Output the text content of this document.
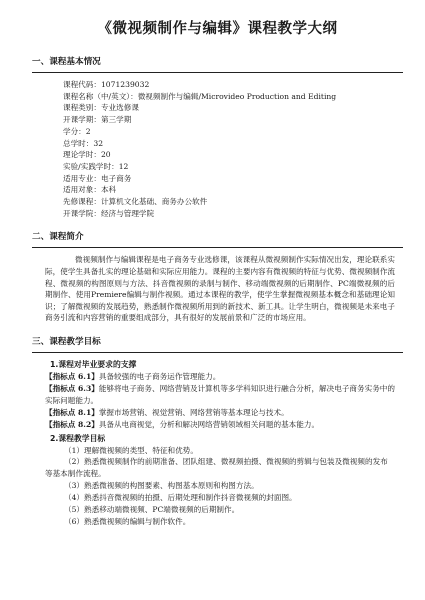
《微视频制作与编辑》课程教学大纲
一、课程基本情况
课程代码：1071239032
课程名称（中/英文）：微视频制作与编辑/Microvideo Production and Editing
课程类别：专业选修课
开课学期：第三学期
学分：2
总学时：32
理论学时：20
实验/实践学时：12
适用专业：电子商务
适用对象：本科
先修课程：计算机文化基础、商务办公软件
开课学院：经济与管理学院
二、课程简介
微视频制作与编辑课程是电子商务专业选修课，该课程从微视频制作实际情况出发，理论联系实际，使学生具备扎实的理论基础和实际应用能力。课程的主要内容有微视频的特征与优势、微视频制作流程、微视频的构图原则与方法、抖音微视频的录制与制作、移动端微视频的后期制作、PC端微视频的后期制作、使用Premiere编辑与制作视频。通过本课程的教学，使学生掌握微视频基本概念和基础理论知识；了解微视频的发展趋势，熟悉制作微视频所用到的新技术、新工具。让学生明白，微视频是未来电子商务引流和内容营销的重要组成部分，具有很好的发展前景和广泛的市场应用。
三、课程教学目标
1.课程对毕业要求的支撑
【指标点 6.1】具备较强的电子商务运作管理能力。
【指标点 6.3】能够将电子商务、网络营销及计算机等多学科知识进行融合分析，解决电子商务实务中的实际问题能力。
【指标点 8.1】掌握市场营销、视觉营销、网络营销等基本理论与技术。
【指标点 8.2】具备从电商视觉，分析和解决网络营销领域相关问题的基本能力。
2.课程教学目标
（1）理解微视频的类型、特征和优势。
（2）熟悉微视频制作的前期准备、团队组建、微视频拍摄、微视频的剪辑与包装及微视频的发布等基本制作流程。
（3）熟悉微视频的构图要素、构图基本原则和构图方法。
（4）熟悉抖音微视频的拍摄、后期处理和制作抖音微视频的封面图。
（5）熟悉移动端微视频、PC端微视频的后期制作。
（6）熟悉微视频的编辑与制作软件。
